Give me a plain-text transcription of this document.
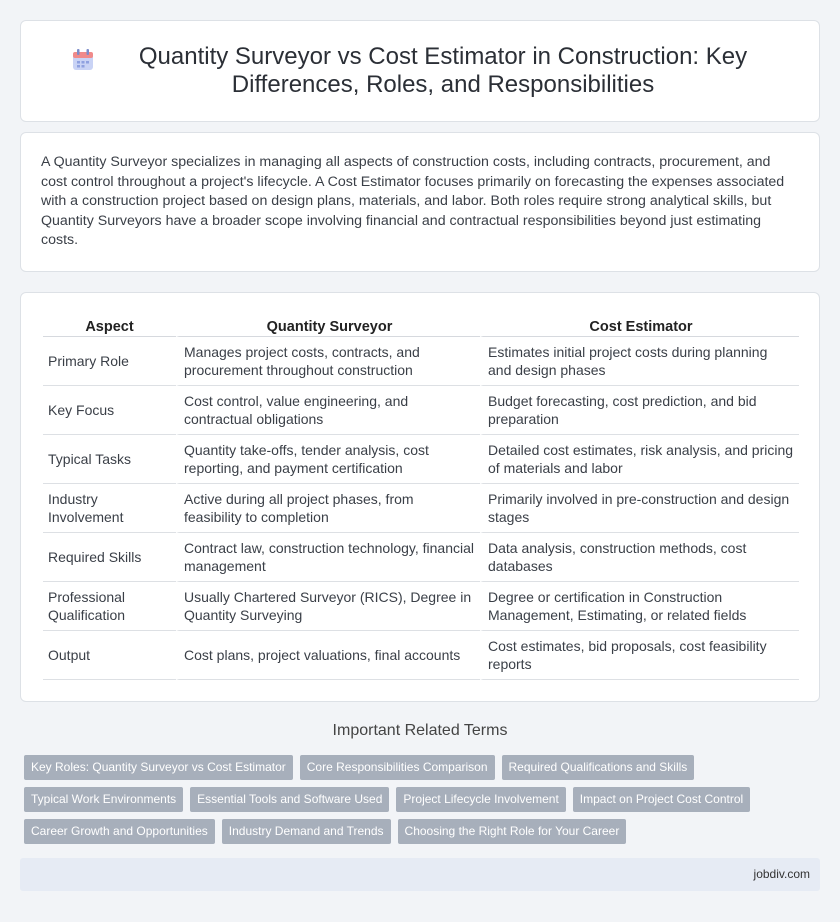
Quantity Surveyor vs Cost Estimator in Construction: Key Differences, Roles, and Responsibilities

A Quantity Surveyor specializes in managing all aspects of construction costs, including contracts, procurement, and cost control throughout a project's lifecycle. A Cost Estimator focuses primarily on forecasting the expenses associated with a construction project based on design plans, materials, and labor. Both roles require strong analytical skills, but Quantity Surveyors have a broader scope involving financial and contractual responsibilities beyond just estimating costs.

Aspect	Quantity Surveyor	Cost Estimator
Primary Role	Manages project costs, contracts, and procurement throughout construction	Estimates initial project costs during planning and design phases
Key Focus	Cost control, value engineering, and contractual obligations	Budget forecasting, cost prediction, and bid preparation
Typical Tasks	Quantity take-offs, tender analysis, cost reporting, and payment certification	Detailed cost estimates, risk analysis, and pricing of materials and labor
Industry Involvement	Active during all project phases, from feasibility to completion	Primarily involved in pre-construction and design stages
Required Skills	Contract law, construction technology, financial management	Data analysis, construction methods, cost databases
Professional Qualification	Usually Chartered Surveyor (RICS), Degree in Quantity Surveying	Degree or certification in Construction Management, Estimating, or related fields
Output	Cost plans, project valuations, final accounts	Cost estimates, bid proposals, cost feasibility reports
Important Related Terms
Key Roles: Quantity Surveyor vs Cost Estimator	Core Responsibilities Comparison	Required Qualifications and Skills
Typical Work Environments	Essential Tools and Software Used	Project Lifecycle Involvement	Impact on Project Cost Control
Career Growth and Opportunities	Industry Demand and Trends	Choosing the Right Role for Your Career
jobdiv.com
